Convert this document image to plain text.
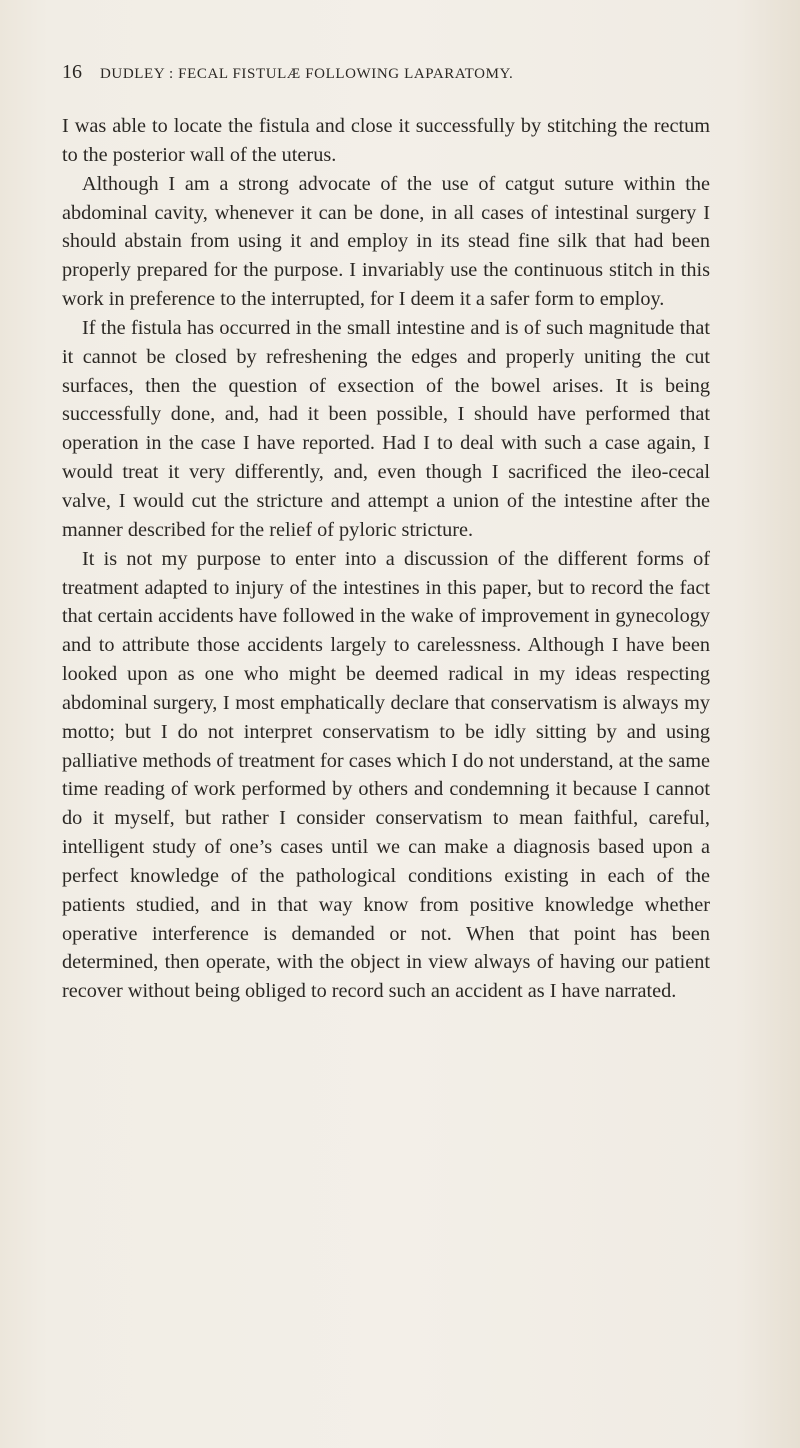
16 DUDLEY : FECAL FISTULÆ FOLLOWING LAPARATOMY.

I was able to locate the fistula and close it successfully by stitching the rectum to the posterior wall of the uterus.

Although I am a strong advocate of the use of catgut suture within the abdominal cavity, whenever it can be done, in all cases of intestinal surgery I should abstain from using it and employ in its stead fine silk that had been properly prepared for the purpose. I invariably use the continuous stitch in this work in preference to the interrupted, for I deem it a safer form to employ.

If the fistula has occurred in the small intestine and is of such magnitude that it cannot be closed by refreshening the edges and properly uniting the cut surfaces, then the question of exsection of the bowel arises. It is being successfully done, and, had it been possible, I should have performed that operation in the case I have reported. Had I to deal with such a case again, I would treat it very differently, and, even though I sacrificed the ileo-cecal valve, I would cut the stricture and attempt a union of the intestine after the manner described for the relief of pyloric stricture.

It is not my purpose to enter into a discussion of the different forms of treatment adapted to injury of the intestines in this paper, but to record the fact that certain accidents have followed in the wake of improvement in gynecology and to attribute those accidents largely to carelessness. Although I have been looked upon as one who might be deemed radical in my ideas respecting abdominal surgery, I most emphatically declare that conservatism is always my motto; but I do not interpret conservatism to be idly sitting by and using palliative methods of treatment for cases which I do not understand, at the same time reading of work performed by others and condemning it because I cannot do it myself, but rather I consider conservatism to mean faithful, careful, intelligent study of one’s cases until we can make a diagnosis based upon a perfect knowledge of the pathological conditions existing in each of the patients studied, and in that way know from positive knowledge whether operative interference is demanded or not. When that point has been determined, then operate, with the object in view always of having our patient recover without being obliged to record such an accident as I have narrated.
